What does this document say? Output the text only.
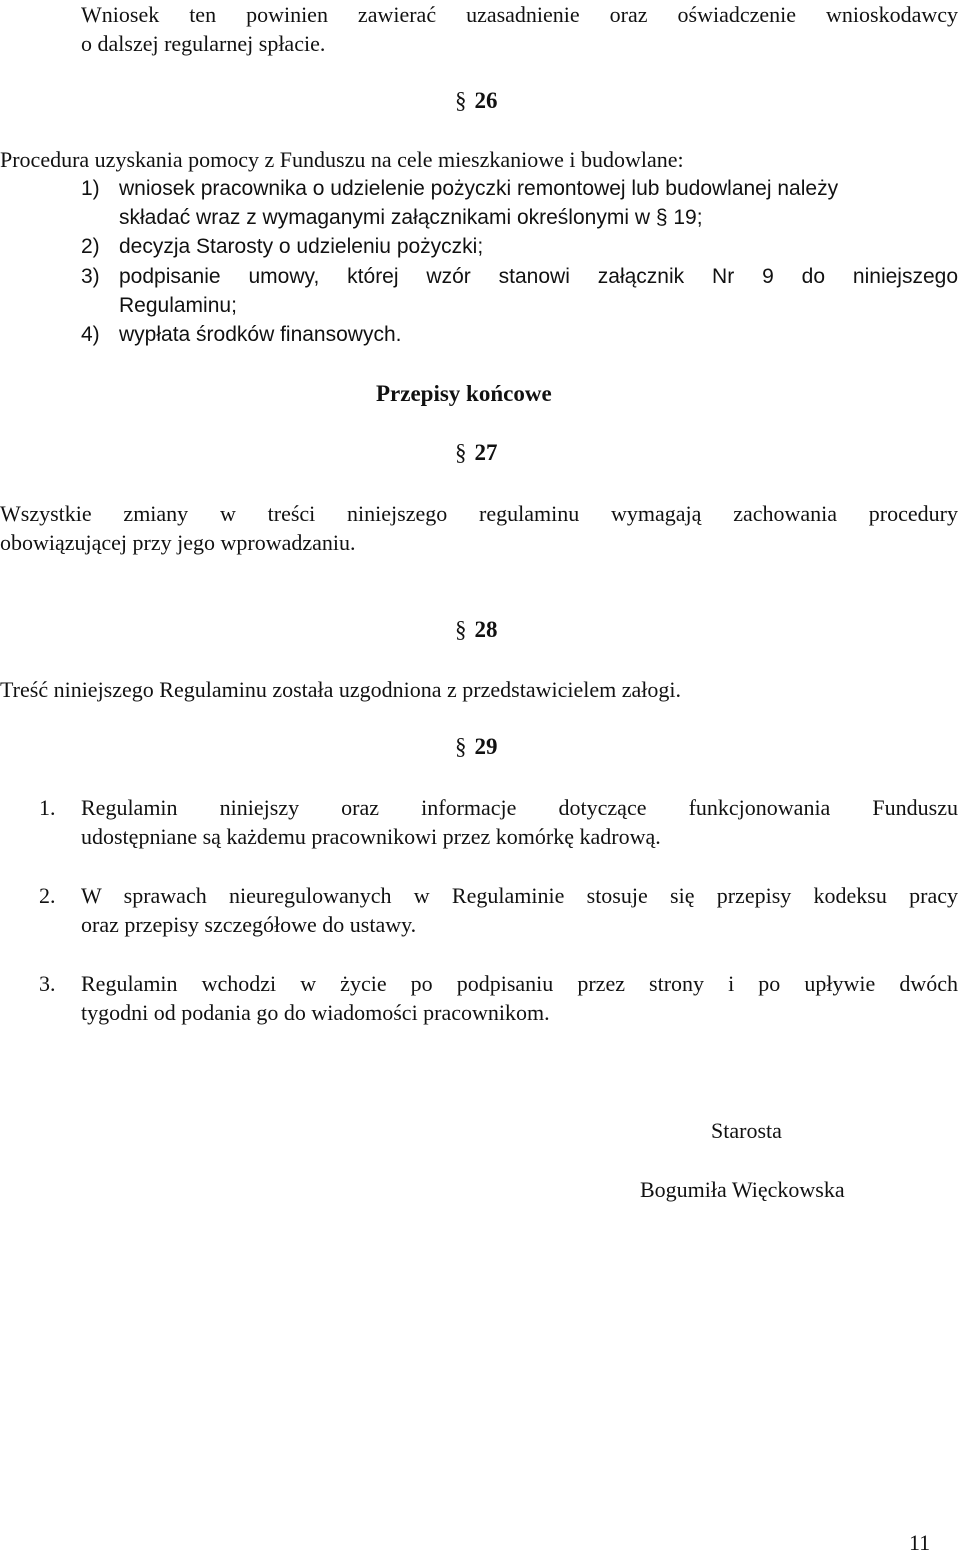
Wniosek ten powinien zawierać uzasadnienie oraz oświadczenie wnioskodawcy
o dalszej regularnej spłacie.
§ 26
Procedura uzyskania pomocy z Funduszu na cele mieszkaniowe i budowlane:
1) wniosek pracownika o udzielenie pożyczki remontowej lub budowlanej należy
składać wraz z wymaganymi załącznikami określonymi w § 19;
2) decyzja Starosty o udzieleniu pożyczki;
3) podpisanie umowy, której wzór stanowi załącznik Nr 9 do niniejszego
Regulaminu;
4) wypłata środków finansowych.
Przepisy końcowe
§ 27
Wszystkie zmiany w treści niniejszego regulaminu wymagają zachowania procedury
obowiązującej przy jego wprowadzaniu.
§ 28
Treść niniejszego Regulaminu została uzgodniona z przedstawicielem załogi.
§ 29
1. Regulamin niniejszy oraz informacje dotyczące funkcjonowania Funduszu
udostępniane są każdemu pracownikowi przez komórkę kadrową.
2. W sprawach nieuregulowanych w Regulaminie stosuje się przepisy kodeksu pracy
oraz przepisy szczegółowe do ustawy.
3. Regulamin wchodzi w życie po podpisaniu przez strony i po upływie dwóch
tygodni od podania go do wiadomości pracownikom.
Starosta
Bogumiła Więckowska
11
